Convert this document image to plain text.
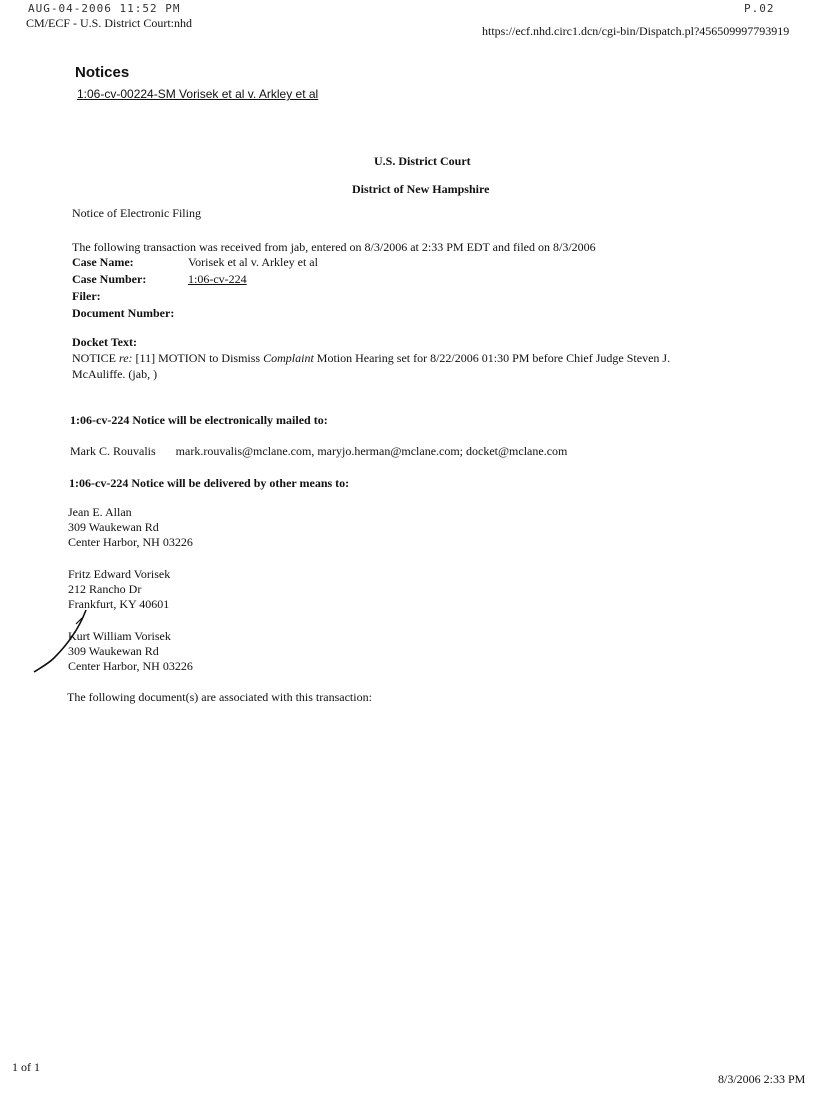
AUG-04-2006 11:52 PM	P.02
CM/ECF - U.S. District Court:nhd
https://ecf.nhd.circ1.dcn/cgi-bin/Dispatch.pl?456509997793919
Notices
1:06-cv-00224-SM Vorisek et al v. Arkley et al
U.S. District Court
District of New Hampshire
Notice of Electronic Filing
The following transaction was received from jab, entered on 8/3/2006 at 2:33 PM EDT and filed on 8/3/2006
Case Name:	Vorisek et al v. Arkley et al
Case Number:	1:06-cv-224
Filer:
Document Number:
Docket Text:
NOTICE re: [11] MOTION to Dismiss Complaint Motion Hearing set for 8/22/2006 01:30 PM before Chief Judge Steven J.
McAuliffe. (jab, )
1:06-cv-224 Notice will be electronically mailed to:
Mark C. Rouvalis mark.rouvalis@mclane.com, maryjo.herman@mclane.com; docket@mclane.com
1:06-cv-224 Notice will be delivered by other means to:
Jean E. Allan
309 Waukewan Rd
Center Harbor, NH 03226
Fritz Edward Vorisek
212 Rancho Dr
Frankfurt, KY 40601
Kurt William Vorisek
309 Waukewan Rd
Center Harbor, NH 03226
The following document(s) are associated with this transaction:
1 of 1
8/3/2006 2:33 PM
